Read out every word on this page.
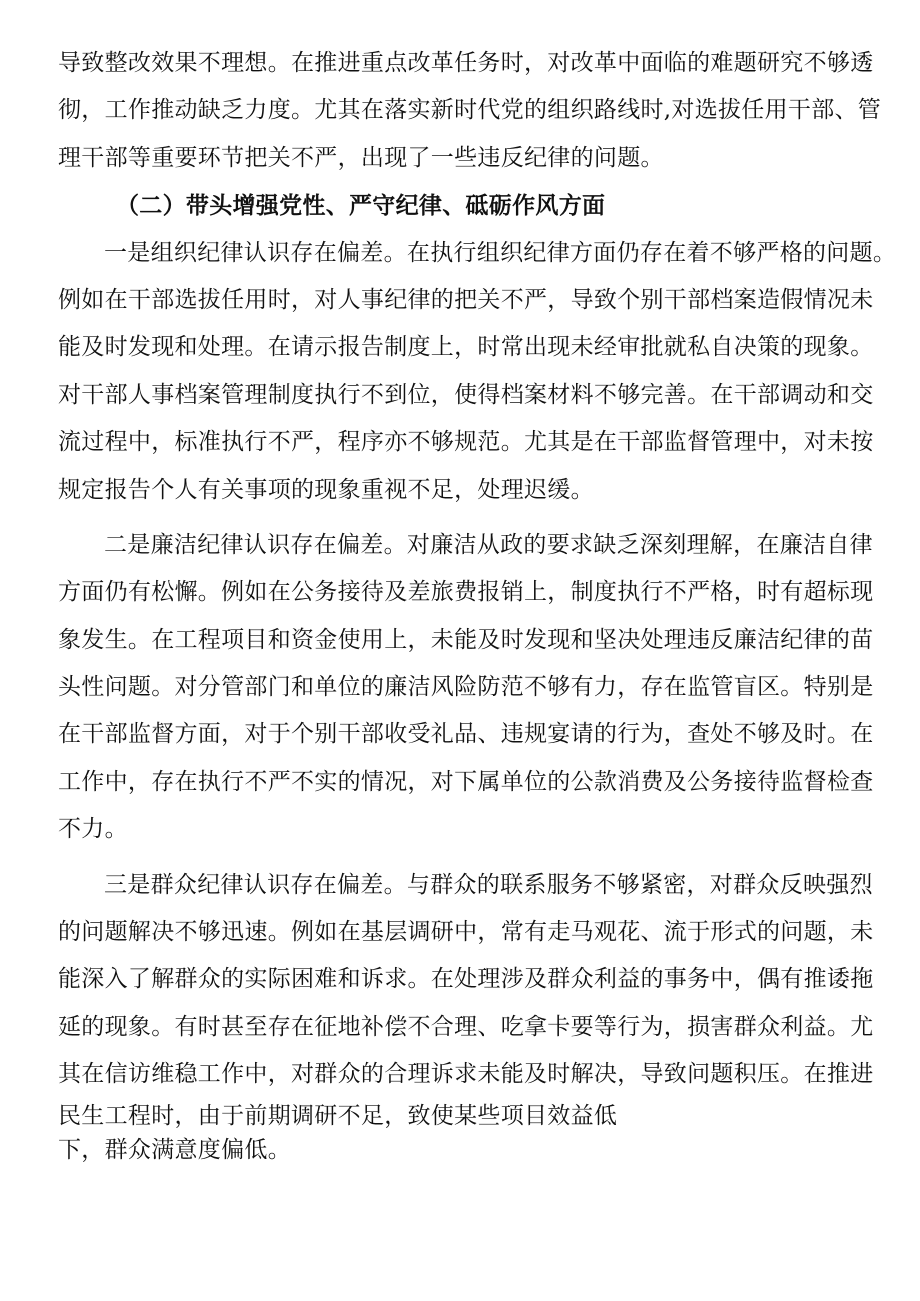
导致整改效果不理想。在推进重点改革任务时，对改革中面临的难题研究不够透
彻，工作推动缺乏力度。尤其在落实新时代党的组织路线时,对选拔任用干部、管
理干部等重要环节把关不严，出现了一些违反纪律的问题。
（二）带头增强党性、严守纪律、砥砺作风方面
一是组织纪律认识存在偏差。在执行组织纪律方面仍存在着不够严格的问题。
例如在干部选拔任用时，对人事纪律的把关不严，导致个别干部档案造假情况未
能及时发现和处理。在请示报告制度上，时常出现未经审批就私自决策的现象。
对干部人事档案管理制度执行不到位，使得档案材料不够完善。在干部调动和交
流过程中，标准执行不严，程序亦不够规范。尤其是在干部监督管理中，对未按
规定报告个人有关事项的现象重视不足，处理迟缓。
二是廉洁纪律认识存在偏差。对廉洁从政的要求缺乏深刻理解，在廉洁自律
方面仍有松懈。例如在公务接待及差旅费报销上，制度执行不严格，时有超标现
象发生。在工程项目和资金使用上，未能及时发现和坚决处理违反廉洁纪律的苗
头性问题。对分管部门和单位的廉洁风险防范不够有力，存在监管盲区。特别是
在干部监督方面，对于个别干部收受礼品、违规宴请的行为，查处不够及时。在
工作中，存在执行不严不实的情况，对下属单位的公款消费及公务接待监督检查
不力。
三是群众纪律认识存在偏差。与群众的联系服务不够紧密，对群众反映强烈
的问题解决不够迅速。例如在基层调研中，常有走马观花、流于形式的问题，未
能深入了解群众的实际困难和诉求。在处理涉及群众利益的事务中，偶有推诿拖
延的现象。有时甚至存在征地补偿不合理、吃拿卡要等行为，损害群众利益。尤
其在信访维稳工作中，对群众的合理诉求未能及时解决，导致问题积压。在推进
民生工程时，由于前期调研不足，致使某些项目效益低
下，群众满意度偏低。
